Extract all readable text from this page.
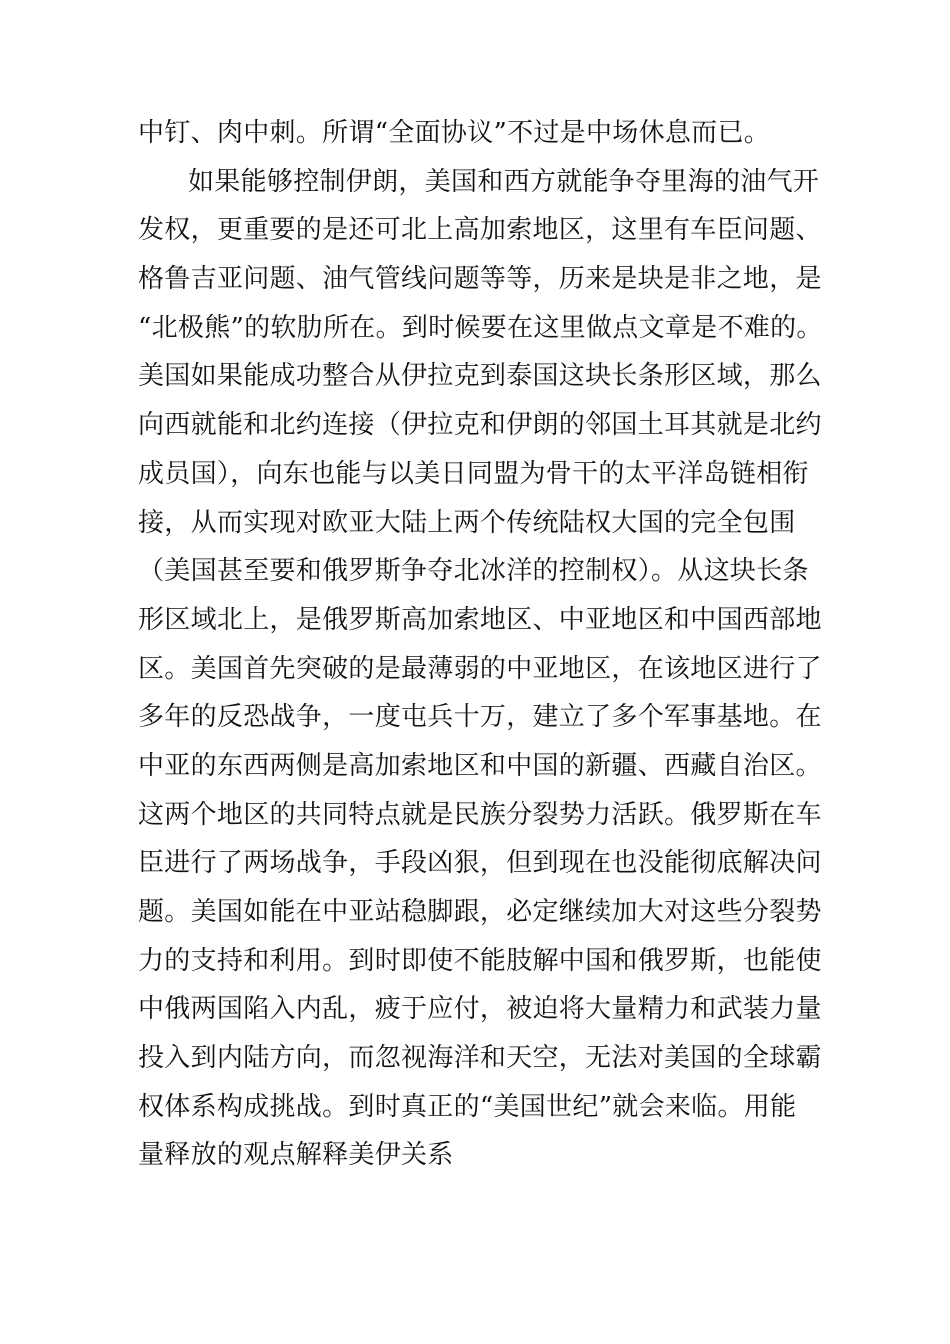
中钉、肉中刺。所谓“全面协议”不过是中场休息而已。
如果能够控制伊朗，美国和西方就能争夺里海的油气开
发权，更重要的是还可北上高加索地区，这里有车臣问题、
格鲁吉亚问题、油气管线问题等等，历来是块是非之地，是
“北极熊”的软肋所在。到时候要在这里做点文章是不难的。
美国如果能成功整合从伊拉克到泰国这块长条形区域，那么
向西就能和北约连接（伊拉克和伊朗的邻国土耳其就是北约
成员国），向东也能与以美日同盟为骨干的太平洋岛链相衔
接，从而实现对欧亚大陆上两个传统陆权大国的完全包围
（美国甚至要和俄罗斯争夺北冰洋的控制权）。从这块长条
形区域北上，是俄罗斯高加索地区、中亚地区和中国西部地
区。美国首先突破的是最薄弱的中亚地区，在该地区进行了
多年的反恐战争，一度屯兵十万，建立了多个军事基地。在
中亚的东西两侧是高加索地区和中国的新疆、西藏自治区。
这两个地区的共同特点就是民族分裂势力活跃。俄罗斯在车
臣进行了两场战争，手段凶狠，但到现在也没能彻底解决问
题。美国如能在中亚站稳脚跟，必定继续加大对这些分裂势
力的支持和利用。到时即使不能肢解中国和俄罗斯，也能使
中俄两国陷入内乱，疲于应付，被迫将大量精力和武装力量
投入到内陆方向，而忽视海洋和天空，无法对美国的全球霸
权体系构成挑战。到时真正的“美国世纪”就会来临。用能
量释放的观点解释美伊关系
